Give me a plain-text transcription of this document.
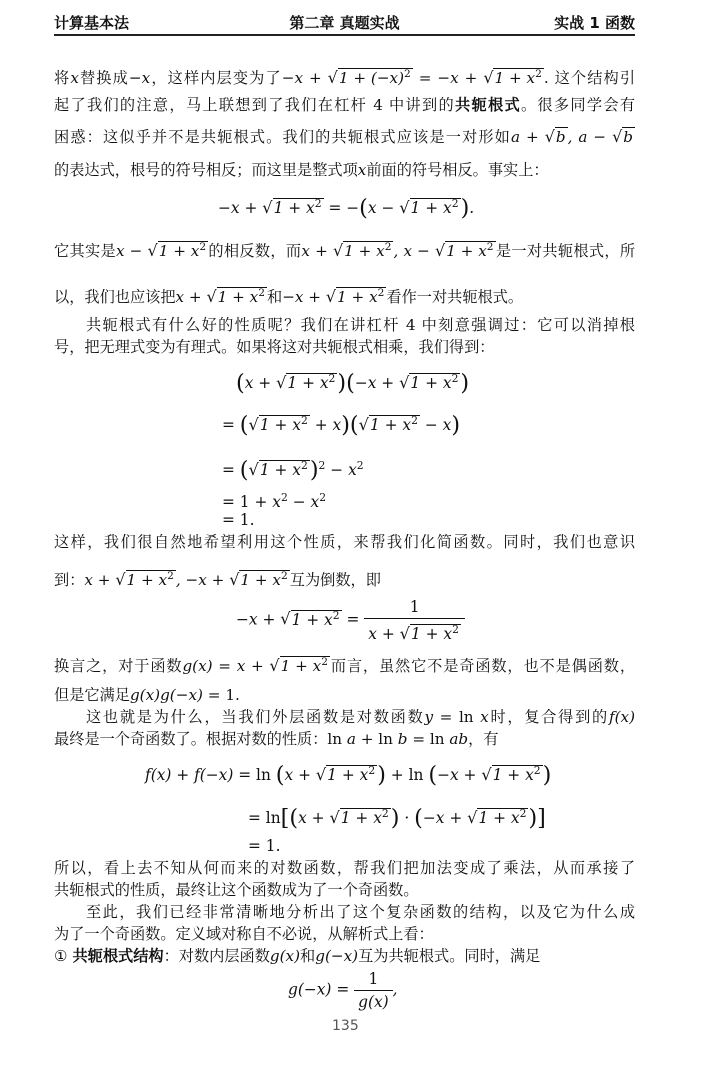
计算基本法	第二章 真题实战	实战 1 函数
将x替换成−x，这样内层变为了$-x + √1 + (-x)^2 = -x + √1 + x^2$ . 这个结构引
起了我们的注意，马上联想到了我们在杠杆 4 中讲到的共轭根式。很多同学会有
困惑：这似乎并不是共轭根式。我们的共轭根式应该是一对形如a + √b , a − √b
的表达式，根号的符号相反；而这里是整式项x前面的符号相反。事实上：
$-x + √1 + x^2 = -(x - √1 + x^2)$.
它其实是$x - √1 + x^2$ 的相反数，而$x + √1 + x^2$ , $x - √1 + x^2$ 是一对共轭根式，所
以，我们也应该把$x + √1 + x^2$ 和$-x + √1 + x^2$ 看作一对共轭根式。
共轭根式有什么好的性质呢？我们在讲杠杆 4 中刻意强调过：它可以消掉根
号，把无理式变为有理式。如果将这对共轭根式相乘，我们得到：
$(x + √1 + x^2)(-x + √1 + x^2)$
= $(√1 + x^2 + x)(√1 + x^2 - x)$
= $(√1 + x^2)^2 - x^2$
= $1 + x^2 - x^2$
= 1.
这样，我们很自然地希望利用这个性质，来帮我们化简函数。同时，我们也意识
到：$x + √1 + x^2$ , $-x + √1 + x^2$ 互为倒数，即
$-x + √1 + x^2 = \frac{1}{x + √1 + x^2}$
换言之，对于函数$g(x) = x + √1 + x^2$ 而言，虽然它不是奇函数，也不是偶函数，
但是它满足g(x)g(−x) = 1.
这也就是为什么，当我们外层函数是对数函数y = ln x时，复合得到的f(x)
最终是一个奇函数了。根据对数的性质：ln a + ln b = ln ab，有
$f(x) + f(-x) = \ln (x + √1 + x^2) + \ln (-x + √1 + x^2)$
= $\ln[(x + √1 + x^2) \cdot (-x + √1 + x^2)]$
= 1.
所以，看上去不知从何而来的对数函数，帮我们把加法变成了乘法，从而承接了
共轭根式的性质，最终让这个函数成为了一个奇函数。
至此，我们已经非常清晰地分析出了这个复杂函数的结构，以及它为什么成
为了一个奇函数。定义域对称自不必说，从解析式上看：
① 共轭根式结构：对数内层函数g(x)和g(−x)互为共轭根式。同时，满足
$g(-x) = \frac{1}{g(x)}$ ,
135
